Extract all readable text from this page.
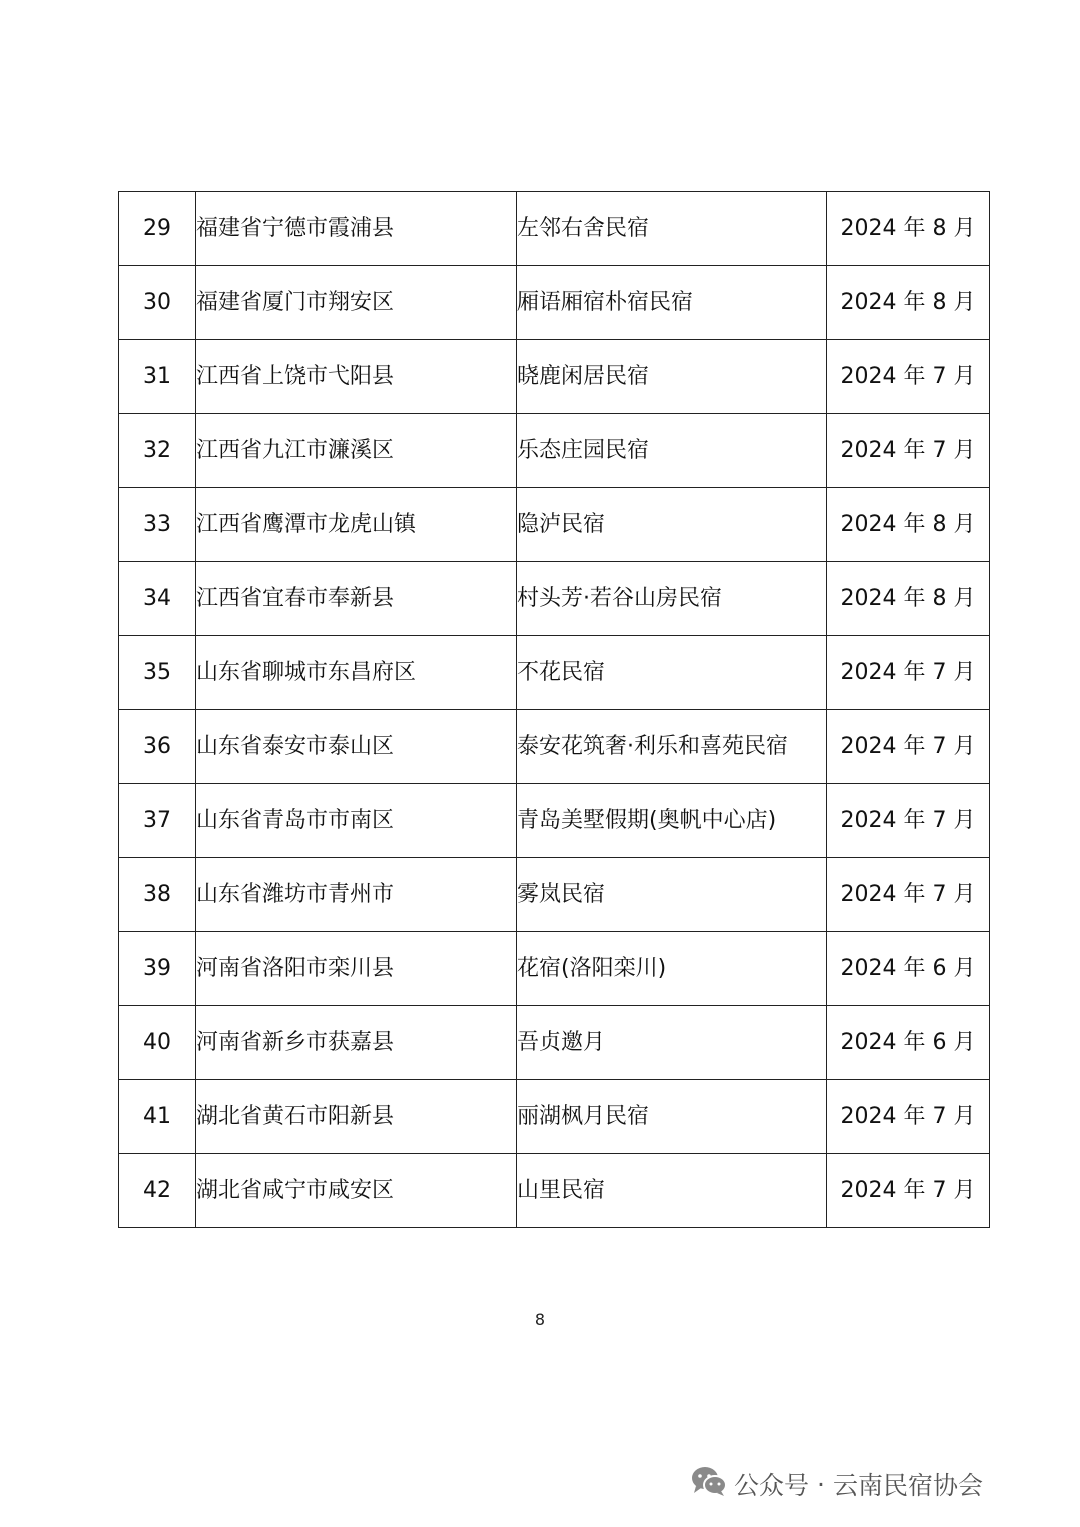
29	福建省宁德市霞浦县	左邻右舍民宿	2024 年 8 月
30	福建省厦门市翔安区	厢语厢宿朴宿民宿	2024 年 8 月
31	江西省上饶市弋阳县	晓鹿闲居民宿	2024 年 7 月
32	江西省九江市濂溪区	乐态庄园民宿	2024 年 7 月
33	江西省鹰潭市龙虎山镇	隐泸民宿	2024 年 8 月
34	江西省宜春市奉新县	村头芳·若谷山房民宿	2024 年 8 月
35	山东省聊城市东昌府区	不花民宿	2024 年 7 月
36	山东省泰安市泰山区	泰安花筑奢·利乐和喜苑民宿	2024 年 7 月
37	山东省青岛市市南区	青岛美墅假期(奥帆中心店)	2024 年 7 月
38	山东省潍坊市青州市	雾岚民宿	2024 年 7 月
39	河南省洛阳市栾川县	花宿(洛阳栾川)	2024 年 6 月
40	河南省新乡市获嘉县	吾贞邀月	2024 年 6 月
41	湖北省黄石市阳新县	丽湖枫月民宿	2024 年 7 月
42	湖北省咸宁市咸安区	山里民宿	2024 年 7 月
8
公众号 · 云南民宿协会
